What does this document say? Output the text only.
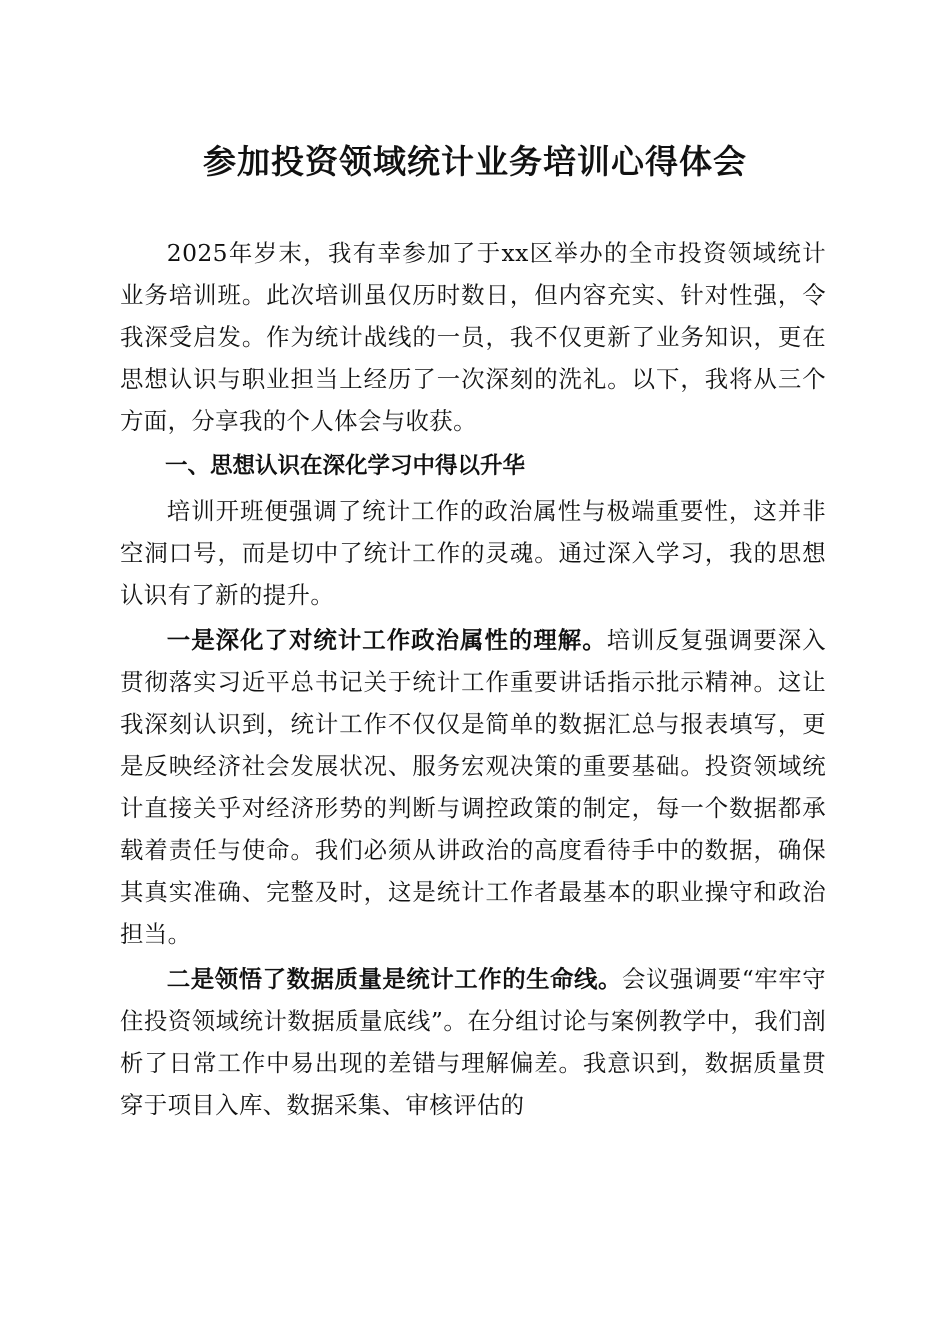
参加投资领域统计业务培训心得体会

2025年岁末，我有幸参加了于xx区举办的全市投资领域统计业务培训班。此次培训虽仅历时数日，但内容充实、针对性强，令我深受启发。作为统计战线的一员，我不仅更新了业务知识，更在思想认识与职业担当上经历了一次深刻的洗礼。以下，我将从三个方面，分享我的个人体会与收获。

一、思想认识在深化学习中得以升华

培训开班便强调了统计工作的政治属性与极端重要性，这并非空洞口号，而是切中了统计工作的灵魂。通过深入学习，我的思想认识有了新的提升。

一是深化了对统计工作政治属性的理解。培训反复强调要深入贯彻落实习近平总书记关于统计工作重要讲话指示批示精神。这让我深刻认识到，统计工作不仅仅是简单的数据汇总与报表填写，更是反映经济社会发展状况、服务宏观决策的重要基础。投资领域统计直接关乎对经济形势的判断与调控政策的制定，每一个数据都承载着责任与使命。我们必须从讲政治的高度看待手中的数据，确保其真实准确、完整及时，这是统计工作者最基本的职业操守和政治担当。

二是领悟了数据质量是统计工作的生命线。会议强调要“牢牢守住投资领域统计数据质量底线”。在分组讨论与案例教学中，我们剖析了日常工作中易出现的差错与理解偏差。我意识到，数据质量贯穿于项目入库、数据采集、审核评估的
